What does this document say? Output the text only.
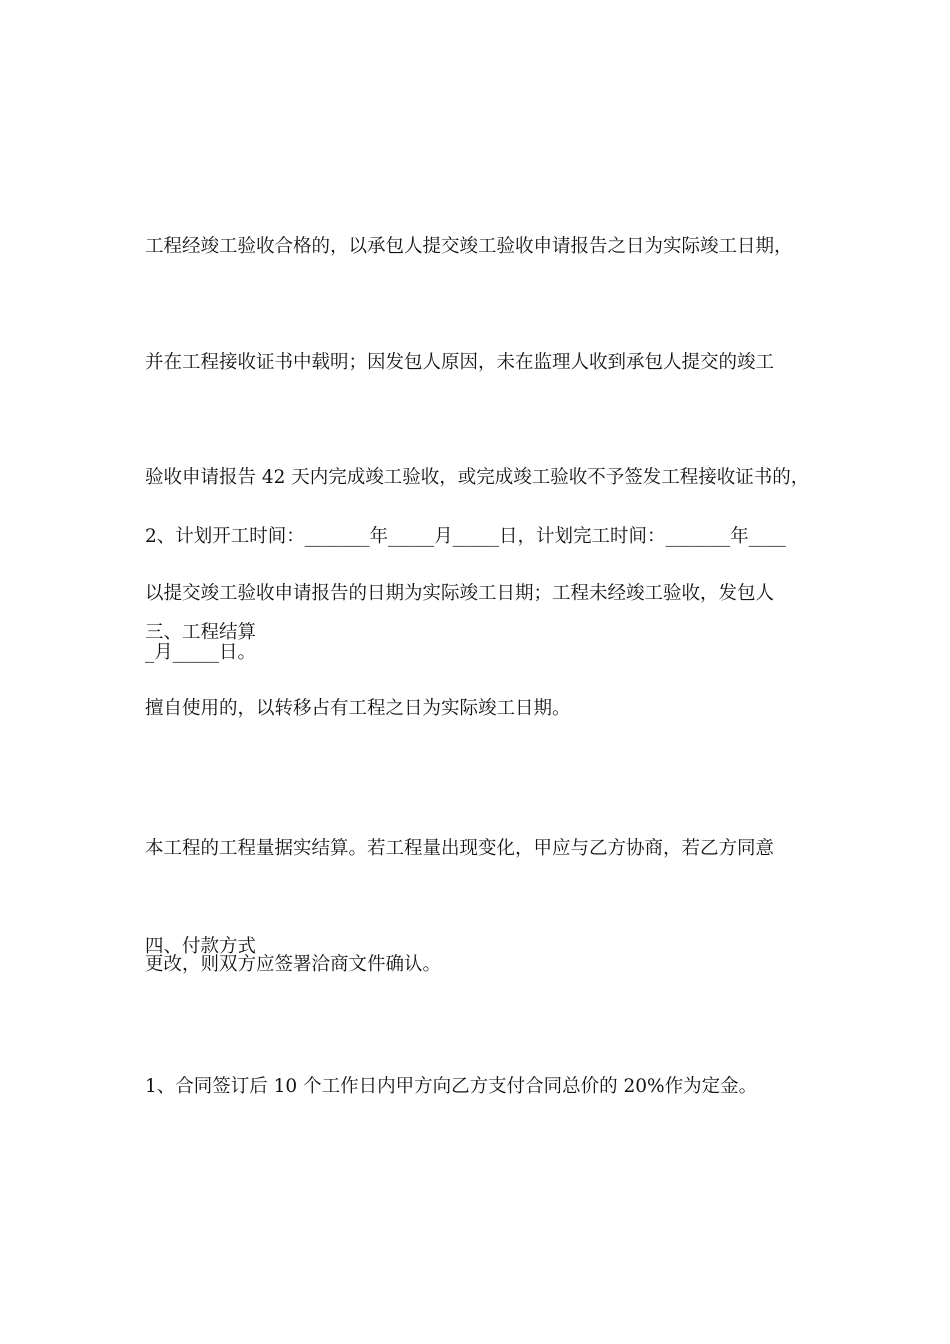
工程经竣工验收合格的，以承包人提交竣工验收申请报告之日为实际竣工日期，

并在工程接收证书中载明；因发包人原因，未在监理人收到承包人提交的竣工

验收申请报告 42 天内完成竣工验收，或完成竣工验收不予签发工程接收证书的，

以提交竣工验收申请报告的日期为实际竣工日期；工程未经竣工验收，发包人

擅自使用的，以转移占有工程之日为实际竣工日期。

2、计划开工时间：_______年_____月_____日，计划完工时间：_______年____

_月_____日。

三、工程结算

本工程的工程量据实结算。若工程量出现变化，甲应与乙方协商，若乙方同意

更改，则双方应签署洽商文件确认。

四、付款方式

1、合同签订后 10 个工作日内甲方向乙方支付合同总价的 20%作为定金。
